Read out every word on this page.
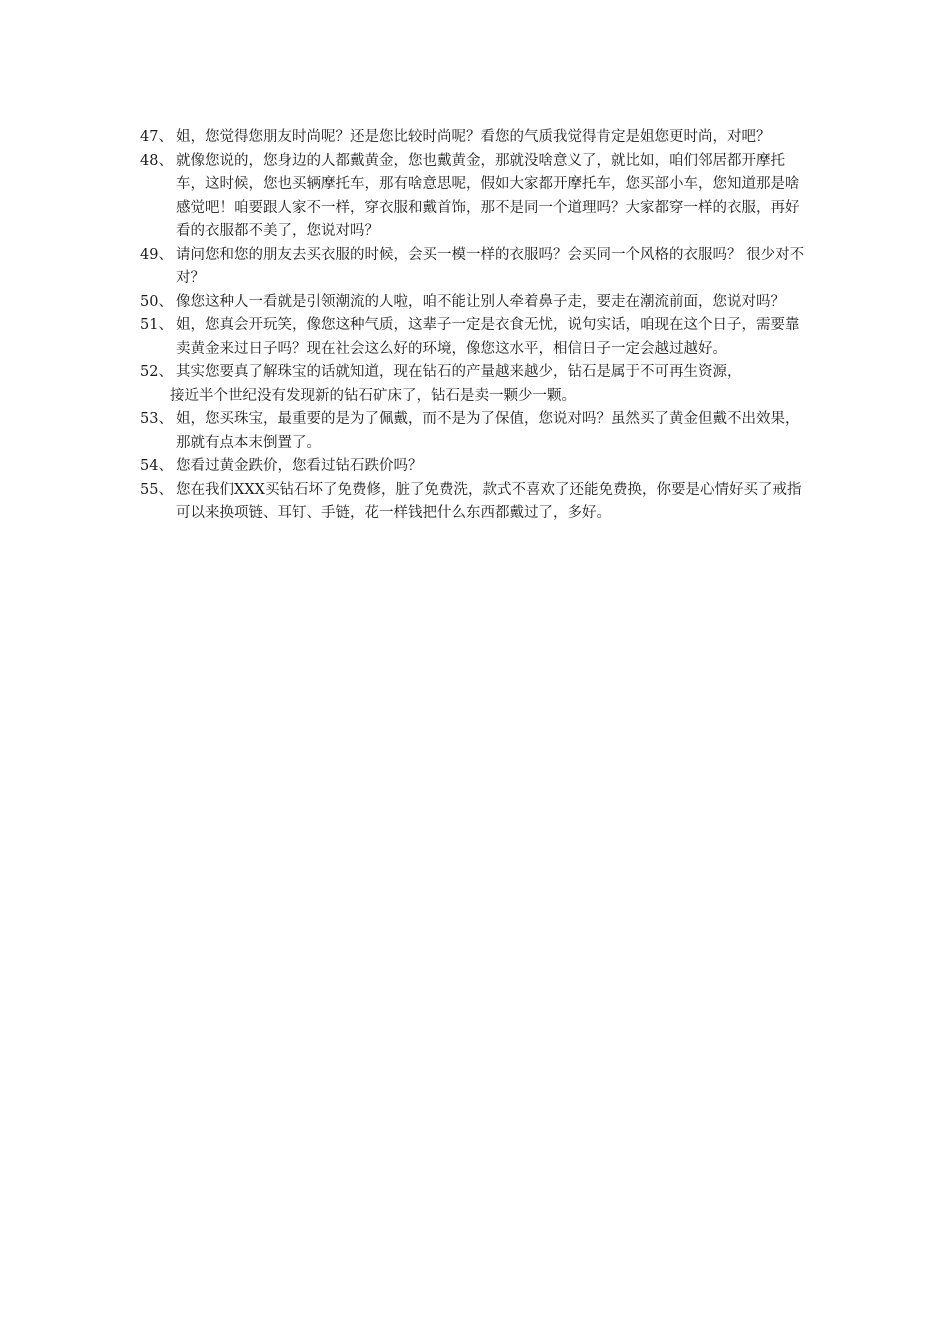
47、 姐，您觉得您朋友时尚呢？还是您比较时尚呢？看您的气质我觉得肯定是姐您更时尚，对吧？
48、 就像您说的，您身边的人都戴黄金，您也戴黄金，那就没啥意义了，就比如，咱们邻居都开摩托车，这时候，您也买辆摩托车，那有啥意思呢，假如大家都开摩托车，您买部小车，您知道那是啥感觉吧！咱要跟人家不一样，穿衣服和戴首饰，那不是同一个道理吗？大家都穿一样的衣服，再好看的衣服都不美了，您说对吗？
49、 请问您和您的朋友去买衣服的时候，会买一模一样的衣服吗？会买同一个风格的衣服吗？ 很少对不对？
50、 像您这种人一看就是引领潮流的人啦，咱不能让别人牵着鼻子走，要走在潮流前面，您说对吗？
51、 姐，您真会开玩笑，像您这种气质，这辈子一定是衣食无忧，说句实话，咱现在这个日子，需要靠卖黄金来过日子吗？现在社会这么好的环境，像您这水平，相信日子一定会越过越好。
52、 其实您要真了解珠宝的话就知道，现在钻石的产量越来越少，钻石是属于不可再生资源，
接近半个世纪没有发现新的钻石矿床了，钻石是卖一颗少一颗。
53、 姐，您买珠宝，最重要的是为了佩戴，而不是为了保值，您说对吗？虽然买了黄金但戴不出效果，那就有点本末倒置了。
54、 您看过黄金跌价，您看过钻石跌价吗？
55、 您在我们XXX买钻石坏了免费修，脏了免费洗，款式不喜欢了还能免费换，你要是心情好买了戒指可以来换项链、耳钉、手链，花一样钱把什么东西都戴过了，多好。
